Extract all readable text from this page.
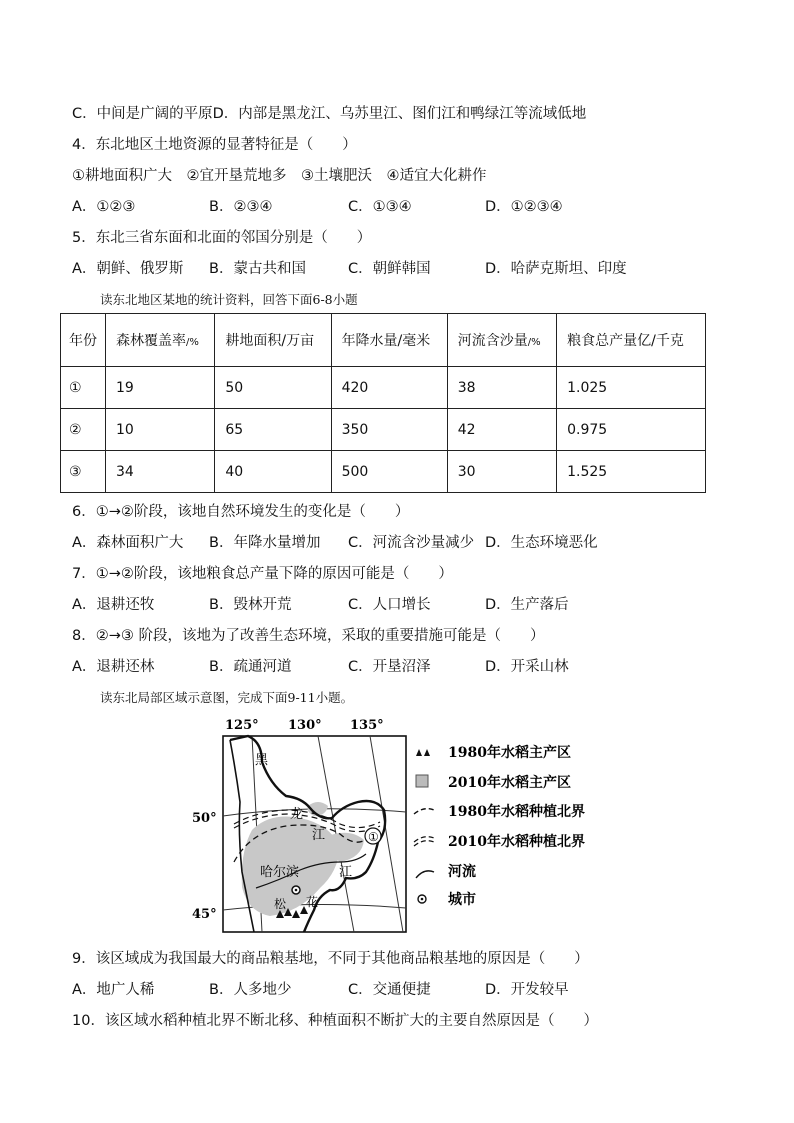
C．中间是广阔的平原D．内部是黑龙江、乌苏里江、图们江和鸭绿江等流域低地
4．东北地区土地资源的显著特征是（　　）
①耕地面积广大　②宜开垦荒地多　③土壤肥沃　④适宜大化耕作
A．①②③	B．②③④	C．①③④	D．①②③④
5．东北三省东面和北面的邻国分别是（　　）
A．朝鲜、俄罗斯 B．蒙古共和国	C．朝鲜韩国	D．哈萨克斯坦、印度
读东北地区某地的统计资料，回答下面6-8小题
年份	森林覆盖率/%	耕地面积/万亩	年降水量/毫米	河流含沙量/%	粮食总产量亿/千克
①	19	50	420	38	1.025
②	10	65	350	42	0.975
③	34	40	500	30	1.525
6．①→②阶段，该地自然环境发生的变化是（　　）
A．森林面积广大 B．年降水量增加 C．河流含沙量减少 D．生态环境恶化
7．①→②阶段，该地粮食总产量下降的原因可能是（　　）
A．退耕还牧	B．毁林开荒	C．人口增长	D．生产落后
8．②→③ 阶段，该地为了改善生态环境，采取的重要措施可能是（　　）
A．退耕还林	B．疏通河道	C．开垦沼泽	D．开采山林
读东北局部区域示意图，完成下面9-11小题。
125° 130° 135°
50°
45°
黑
龙
江
哈尔滨	江
松 花
①
1980年水稻主产区
2010年水稻主产区
1980年水稻种植北界
2010年水稻种植北界
河流
城市
9．该区域成为我国最大的商品粮基地，不同于其他商品粮基地的原因是（　　）
A．地广人稀	B．人多地少	C．交通便捷	D．开发较早
10．该区域水稻种植北界不断北移、种植面积不断扩大的主要自然原因是（　　）
